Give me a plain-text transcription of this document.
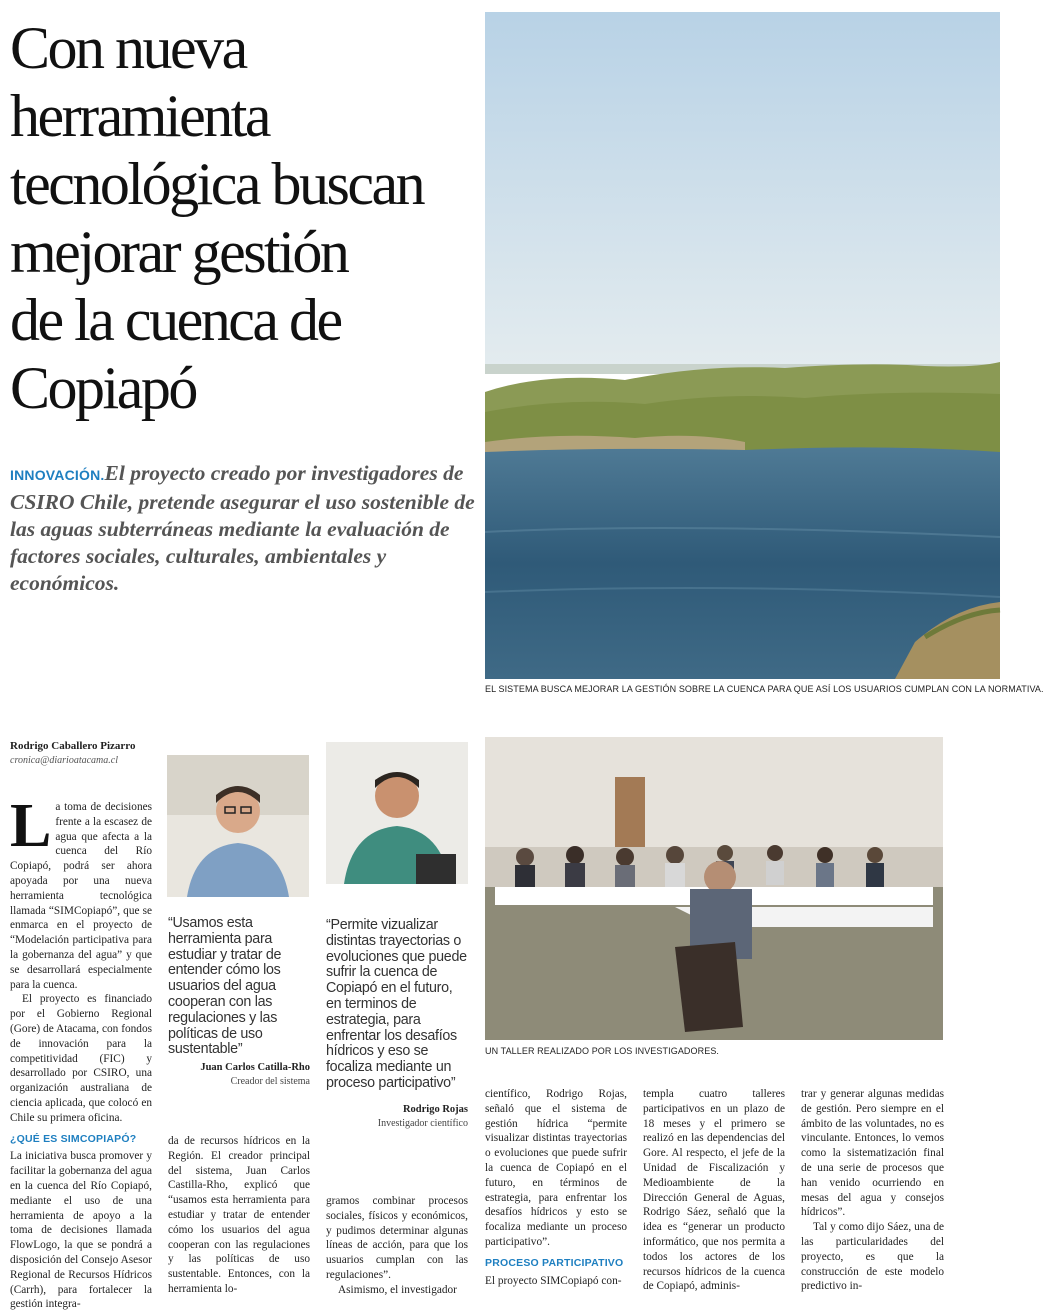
Con nueva
herramienta
tecnológica buscan
mejorar gestión
de la cuenca de
Copiapó

INNOVACIÓN.El proyecto creado por investigadores de CSIRO Chile, pretende asegurar el uso sostenible de las aguas subterráneas mediante la evaluación de factores sociales, culturales, ambientales y económicos.

EL SISTEMA BUSCA MEJORAR LA GESTIÓN SOBRE LA CUENCA PARA QUE ASÍ LOS USUARIOS CUMPLAN CON LA NORMATIVA.
Rodrigo Caballero Pizarro
cronica@diarioatacama.cl
“Usamos esta herramienta para estudiar y tratar de entender cómo los usuarios del agua cooperan con las regulaciones y las políticas de uso sustentable”
Juan Carlos Catilla-Rho
Creador del sistema
“Permite vizualizar distintas trayectorias o evoluciones que puede sufrir la cuenca de Copiapó en el futuro, en terminos de estrategia, para enfrentar los desafíos hídricos y eso se focaliza mediante un proceso participativo”
Rodrigo Rojas
Investigador científico
UN TALLER REALIZADO POR LOS INVESTIGADORES.

La toma de decisiones frente a la escasez de agua que afecta a la cuenca del Río Copiapó, podrá ser ahora apoyada por una nueva herramienta tecnológica llamada “SIMCopiapó”, que se enmarca en el proyecto de “Modelación participativa para la gobernanza del agua” y que se desarrollará especialmente para la cuenca.

El proyecto es financiado por el Gobierno Regional (Gore) de Atacama, con fondos de innovación para la competitividad (FIC) y desarrollado por CSIRO, una organización australiana de ciencia aplicada, que colocó en Chile su primera oficina.

¿QUÉ ES SIMCOPIAPÓ?

La iniciativa busca promover y facilitar la gobernanza del agua en la cuenca del Río Copiapó, mediante el uso de una herramienta de apoyo a la toma de decisiones llamada FlowLogo, la que se pondrá a disposición del Consejo Asesor Regional de Recursos Hídricos (Carrh), para fortalecer la gestión integra-

da de recursos hídricos en la Región. El creador principal del sistema, Juan Carlos Castilla-Rho, explicó que “usamos esta herramienta para estudiar y tratar de entender cómo los usuarios del agua cooperan con las regulaciones y las políticas de uso sustentable. Entonces, con la herramienta lo-

gramos combinar procesos sociales, físicos y económicos, y pudimos determinar algunas líneas de acción, para que los usuarios cumplan con las regulaciones”.

Asimismo, el investigador

científico, Rodrigo Rojas, señaló que el sistema de gestión hídrica “permite visualizar distintas trayectorias o evoluciones que puede sufrir la cuenca de Copiapó en el futuro, en términos de estrategia, para enfrentar los desafíos hídricos y esto se focaliza mediante un proceso participativo”.

PROCESO PARTICIPATIVO

El proyecto SIMCopiapó con-

templa cuatro talleres participativos en un plazo de 18 meses y el primero se realizó en las dependencias del Gore. Al respecto, el jefe de la Unidad de Fiscalización y Medioambiente de la Dirección General de Aguas, Rodrigo Sáez, señaló que la idea es “generar un producto informático, que nos permita a todos los actores de los recursos hídricos de la cuenca de Copiapó, adminis-

trar y generar algunas medidas de gestión. Pero siempre en el ámbito de las voluntades, no es vinculante. Entonces, lo vemos como la sistematización final de una serie de procesos que han venido ocurriendo en mesas del agua y consejos hídricos”.

Tal y como dijo Sáez, una de las particularidades del proyecto, es que la construcción de este modelo predictivo in-
